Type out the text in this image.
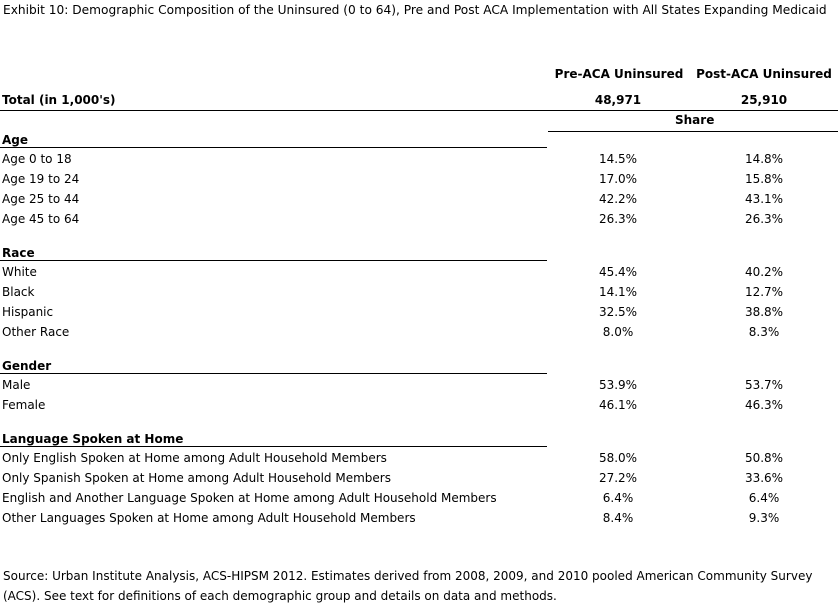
Exhibit 10: Demographic Composition of the Uninsured (0 to 64), Pre and Post ACA Implementation with All States Expanding Medicaid
Pre-ACA Uninsured	Post-ACA Uninsured
Total (in 1,000's)	48,971	25,910
Share
Age
Age 0 to 18	14.5%	14.8%
Age 19 to 24	17.0%	15.8%
Age 25 to 44	42.2%	43.1%
Age 45 to 64	26.3%	26.3%
Race
White	45.4%	40.2%
Black	14.1%	12.7%
Hispanic	32.5%	38.8%
Other Race	8.0%	8.3%
Gender
Male	53.9%	53.7%
Female	46.1%	46.3%
Language Spoken at Home
Only English Spoken at Home among Adult Household Members	58.0%	50.8%
Only Spanish Spoken at Home among Adult Household Members	27.2%	33.6%
English and Another Language Spoken at Home among Adult Household Members	6.4%	6.4%
Other Languages Spoken at Home among Adult Household Members	8.4%	9.3%
Source: Urban Institute Analysis, ACS-HIPSM 2012. Estimates derived from 2008, 2009, and 2010 pooled American Community Survey (ACS). See text for definitions of each demographic group and details on data and methods.
